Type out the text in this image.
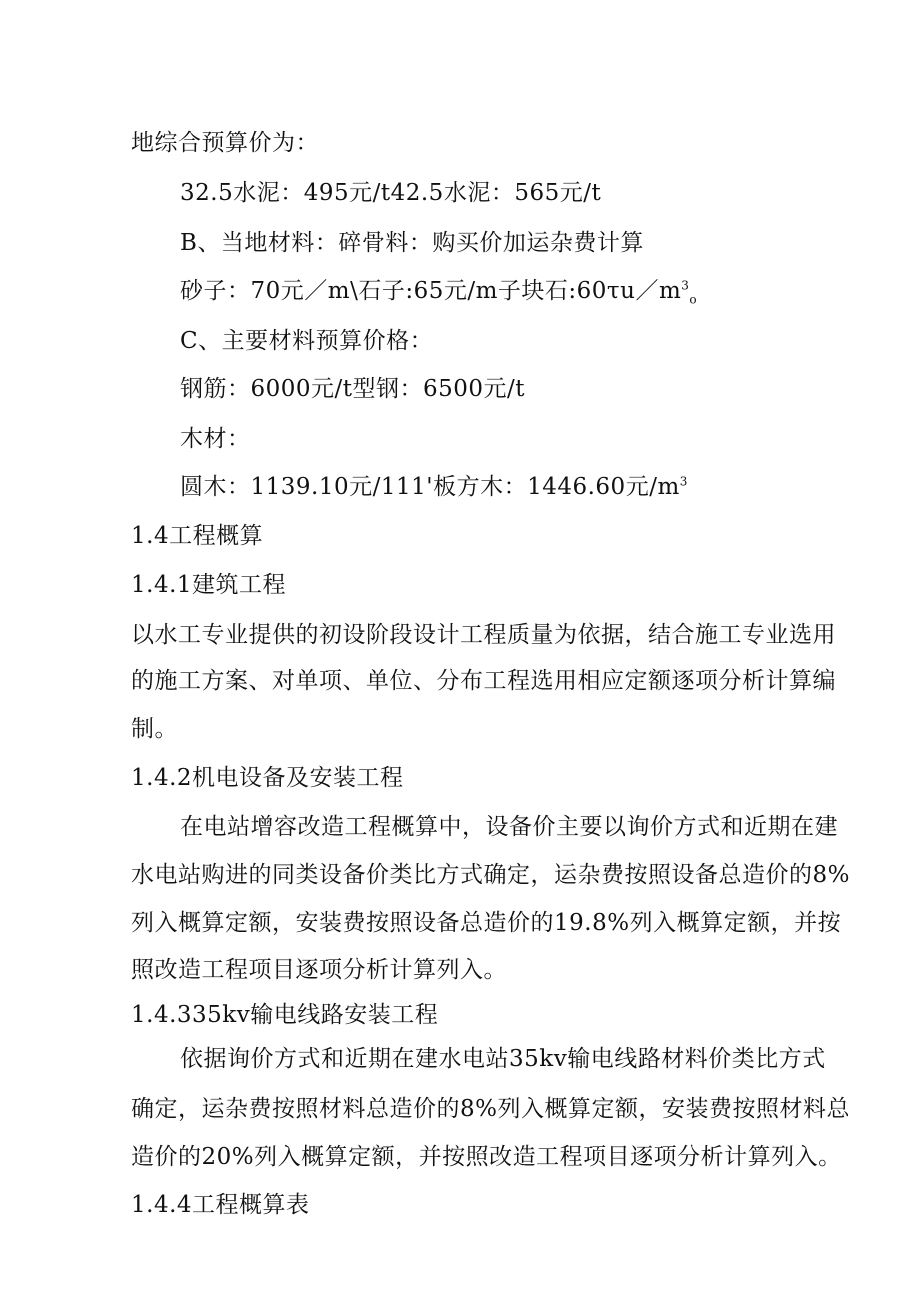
地综合预算价为：
32.5水泥：495元/t42.5水泥：565元/t
B、当地材料：碎骨料：购买价加运杂费计算
砂子：70元／m\石子:65元/m子块石$:60\tau u/m^3_o$
C、主要材料预算价格：
钢筋：6000元/t型钢：6500元/t
木材：
圆木：1139.10元/111'板方木：1446.60元$/m^3$
1.4工程概算
1.4.1建筑工程
以水工专业提供的初设阶段设计工程质量为依据，结合施工专业选用
的施工方案、对单项、单位、分布工程选用相应定额逐项分析计算编
制。
1.4.2机电设备及安装工程
在电站增容改造工程概算中，设备价主要以询价方式和近期在建
水电站购进的同类设备价类比方式确定，运杂费按照设备总造价的8%
列入概算定额，安装费按照设备总造价的19.8%列入概算定额，并按
照改造工程项目逐项分析计算列入。
1.4.335kv输电线路安装工程
依据询价方式和近期在建水电站35kv输电线路材料价类比方式
确定，运杂费按照材料总造价的8%列入概算定额，安装费按照材料总
造价的20%列入概算定额，并按照改造工程项目逐项分析计算列入。
1.4.4工程概算表
